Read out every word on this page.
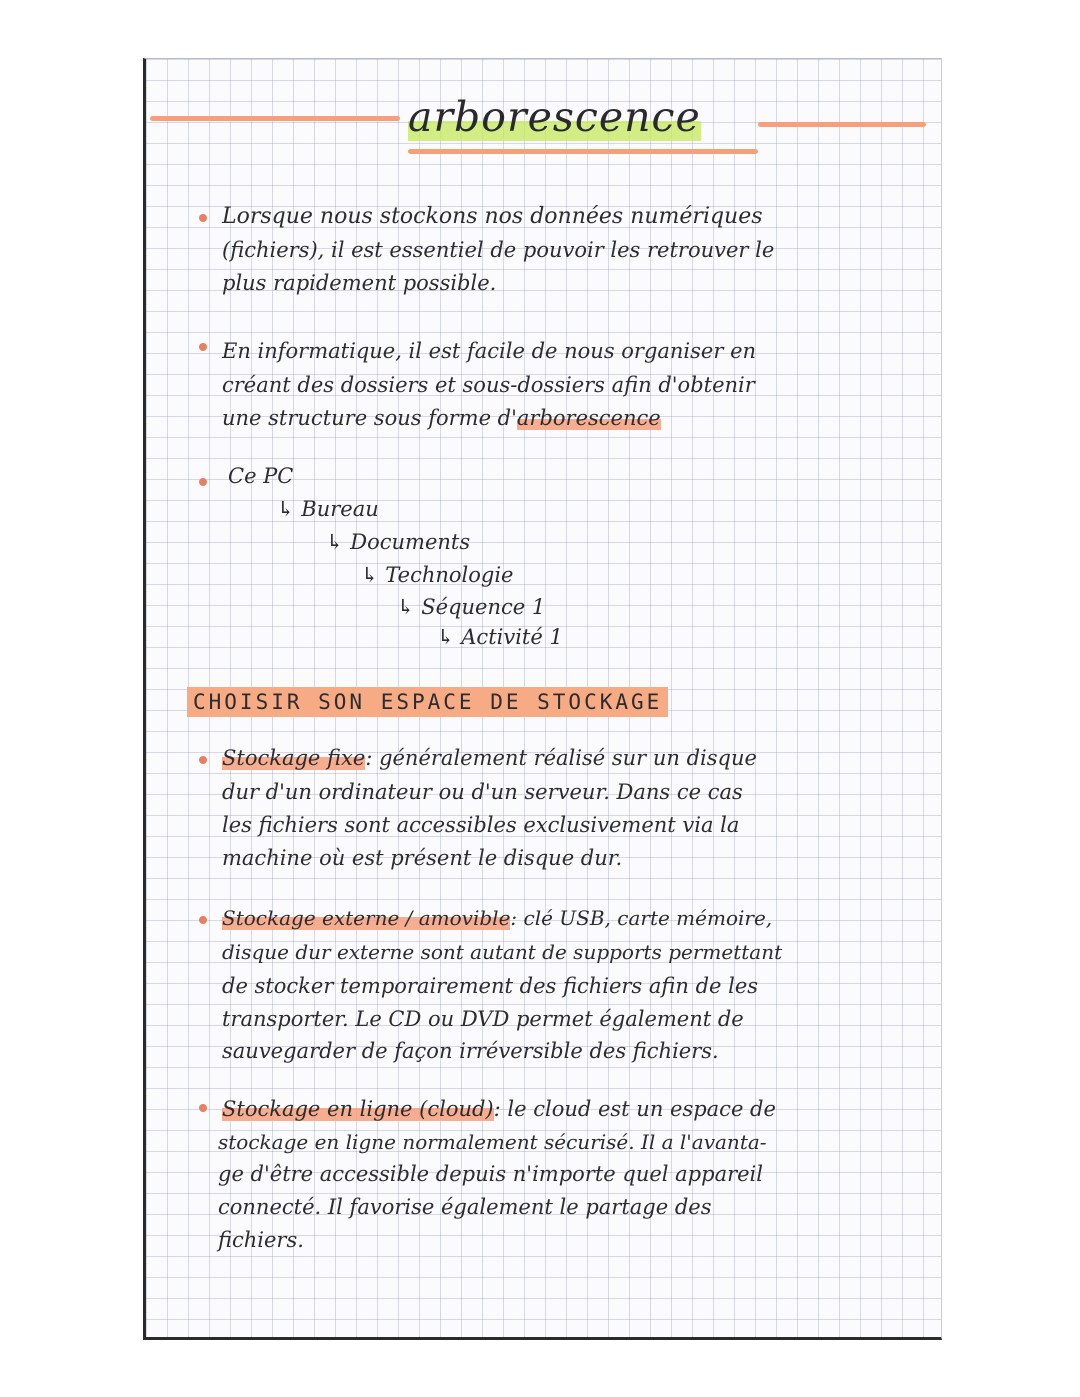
arborescence
Lorsque nous stockons nos données numériques
(fichiers), il est essentiel de pouvoir les retrouver le
plus rapidement possible.
En informatique, il est facile de nous organiser en
créant des dossiers et sous-dossiers afin d'obtenir
une structure sous forme d'arborescence
Ce PC
↳ Bureau
↳ Documents
↳ Technologie
↳ Séquence 1
↳ Activité 1
CHOISIR SON ESPACE DE STOCKAGE
Stockage fixe: généralement réalisé sur un disque
dur d'un ordinateur ou d'un serveur. Dans ce cas
les fichiers sont accessibles exclusivement via la
machine où est présent le disque dur.
Stockage externe / amovible: clé USB, carte mémoire,
disque dur externe sont autant de supports permettant
de stocker temporairement des fichiers afin de les
transporter. Le CD ou DVD permet également de
sauvegarder de façon irréversible des fichiers.
Stockage en ligne (cloud): le cloud est un espace de
stockage en ligne normalement sécurisé. Il a l'avanta-
ge d'être accessible depuis n'importe quel appareil
connecté. Il favorise également le partage des
fichiers.
